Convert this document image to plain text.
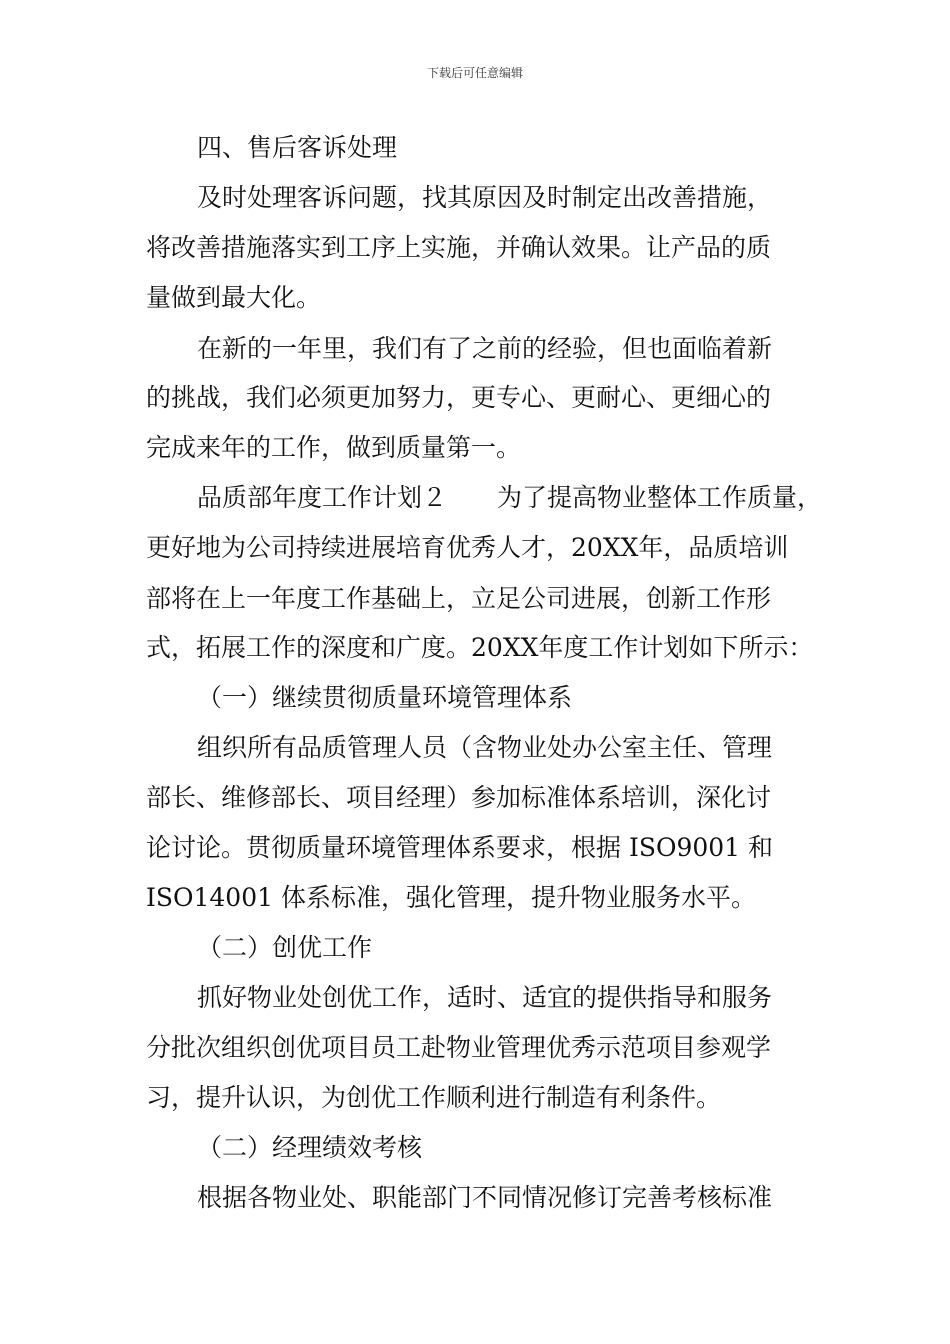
下载后可任意编辑
四、售后客诉处理
及时处理客诉问题，找其原因及时制定出改善措施，
将改善措施落实到工序上实施，并确认效果。让产品的质
量做到最大化。
在新的一年里，我们有了之前的经验，但也面临着新
的挑战，我们必须更加努力，更专心、更耐心、更细心的
完成来年的工作，做到质量第一。
品质部年度工作计划２　　为了提高物业整体工作质量，
更好地为公司持续进展培育优秀人才，20XX年，品质培训
部将在上一年度工作基础上，立足公司进展，创新工作形
式，拓展工作的深度和广度。20XX年度工作计划如下所示：
（一）继续贯彻质量环境管理体系
组织所有品质管理人员（含物业处办公室主任、管理
部长、维修部长、项目经理）参加标准体系培训，深化讨
论讨论。贯彻质量环境管理体系要求，根据 ISO9001 和
ISO14001 体系标准，强化管理，提升物业服务水平。
（二）创优工作
抓好物业处创优工作，适时、适宜的提供指导和服务
分批次组织创优项目员工赴物业管理优秀示范项目参观学
习，提升认识，为创优工作顺利进行制造有利条件。
（二）经理绩效考核
根据各物业处、职能部门不同情况修订完善考核标准
